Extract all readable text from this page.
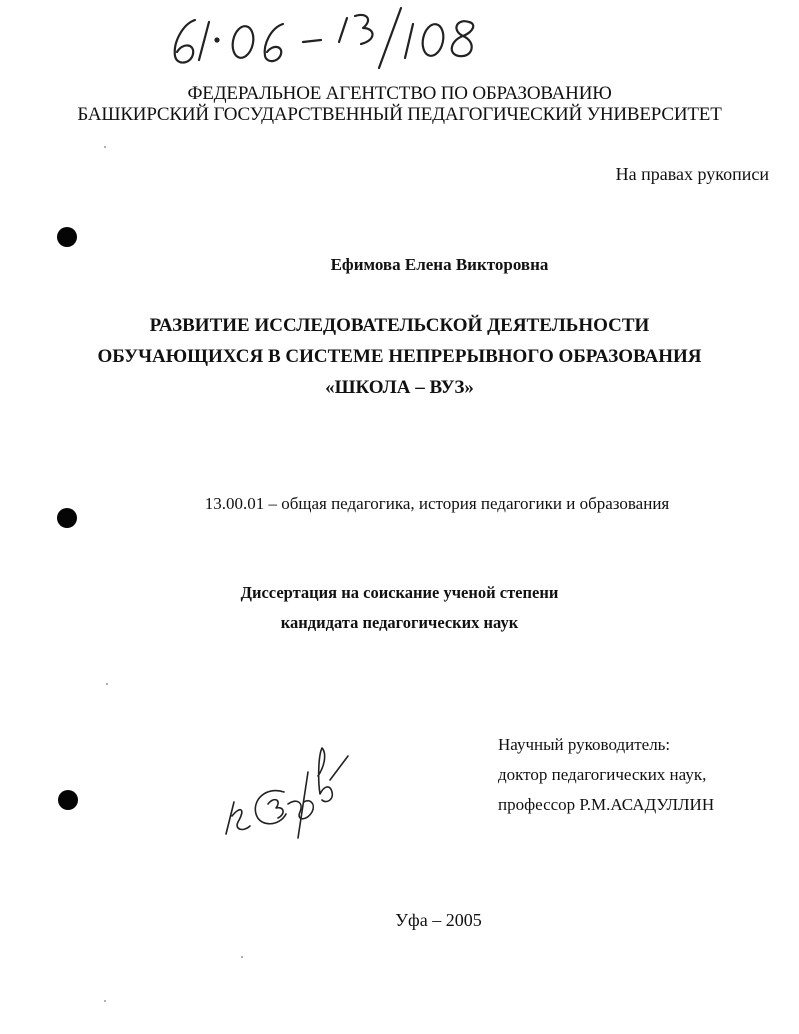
ФЕДЕРАЛЬНОЕ АГЕНТСТВО ПО ОБРАЗОВАНИЮ
БАШКИРСКИЙ ГОСУДАРСТВЕННЫЙ ПЕДАГОГИЧЕСКИЙ УНИВЕРСИТЕТ
На правах рукописи
Ефимова Елена Викторовна
РАЗВИТИЕ ИССЛЕДОВАТЕЛЬСКОЙ ДЕЯТЕЛЬНОСТИ
ОБУЧАЮЩИХСЯ В СИСТЕМЕ НЕПРЕРЫВНОГО ОБРАЗОВАНИЯ
«ШКОЛА – ВУЗ»
13.00.01 – общая педагогика, история педагогики и образования
Диссертация на соискание ученой степени
кандидата педагогических наук
Научный руководитель:
доктор педагогических наук,
профессор Р.М.АСАДУЛЛИН
Уфа – 2005
